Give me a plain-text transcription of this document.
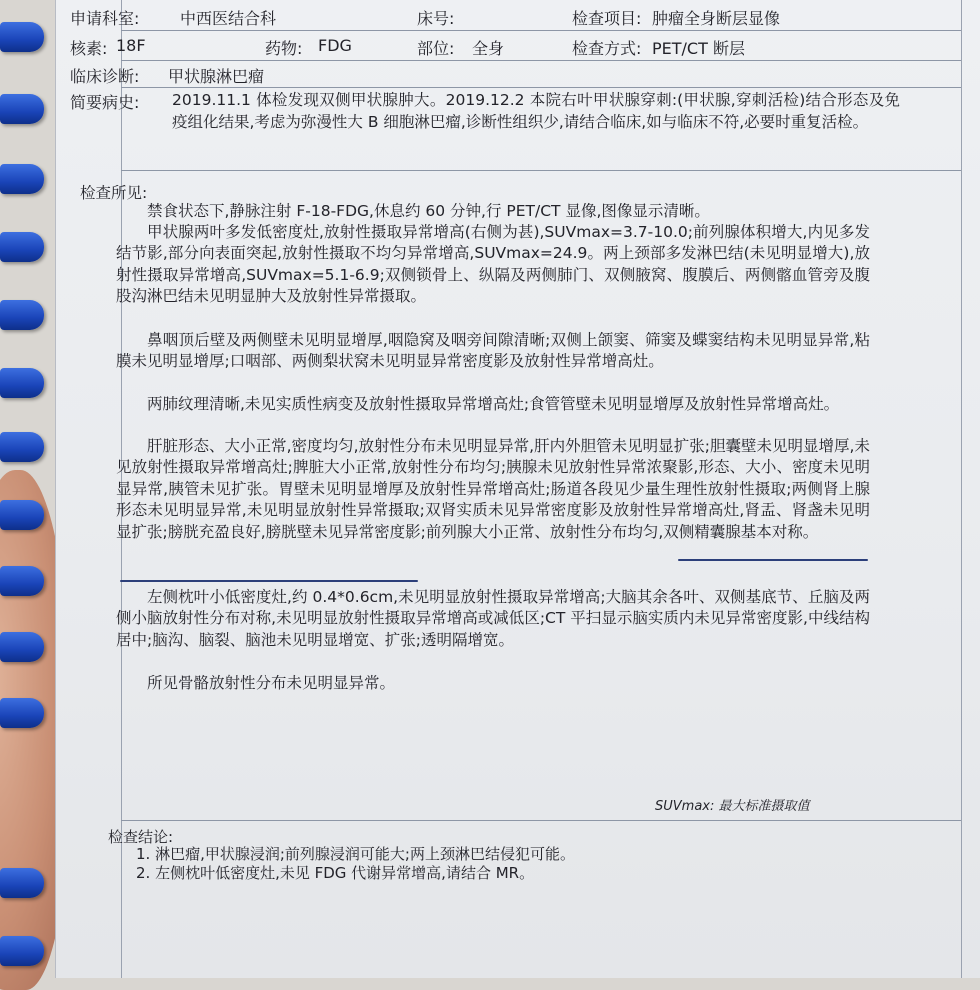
申请科室:	中西医结合科	床号:	检查项目: 肿瘤全身断层显像
核素: 18F	药物: FDG	部位: 全身	检查方式: PET/CT 断层
临床诊断: 甲状腺淋巴瘤
简要病史: 2019.11.1 体检发现双侧甲状腺肿大。2019.12.2 本院右叶甲状腺穿刺:(甲状腺,穿刺活检)结合形态及免疫组化结果,考虑为弥漫性大 B 细胞淋巴瘤,诊断性组织少,请结合临床,如与临床不符,必要时重复活检。
检查所见:
禁食状态下,静脉注射 F-18-FDG,休息约 60 分钟,行 PET/CT 显像,图像显示清晰。
甲状腺两叶多发低密度灶,放射性摄取异常增高(右侧为甚),SUVmax=3.7-10.0;前列腺体积增大,内见多发结节影,部分向表面突起,放射性摄取不均匀异常增高,SUVmax=24.9。两上颈部多发淋巴结(未见明显增大),放射性摄取异常增高,SUVmax=5.1-6.9;双侧锁骨上、纵隔及两侧肺门、双侧腋窝、腹膜后、两侧髂血管旁及腹股沟淋巴结未见明显肿大及放射性异常摄取。
鼻咽顶后壁及两侧壁未见明显增厚,咽隐窝及咽旁间隙清晰;双侧上颌窦、筛窦及蝶窦结构未见明显异常,粘膜未见明显增厚;口咽部、两侧梨状窝未见明显异常密度影及放射性异常增高灶。
两肺纹理清晰,未见实质性病变及放射性摄取异常增高灶;食管管壁未见明显增厚及放射性异常增高灶。
肝脏形态、大小正常,密度均匀,放射性分布未见明显异常,肝内外胆管未见明显扩张;胆囊壁未见明显增厚,未见放射性摄取异常增高灶;脾脏大小正常,放射性分布均匀;胰腺未见放射性异常浓聚影,形态、大小、密度未见明显异常,胰管未见扩张。胃壁未见明显增厚及放射性异常增高灶;肠道各段见少量生理性放射性摄取;两侧肾上腺形态未见明显异常,未见明显放射性异常摄取;双肾实质未见异常密度影及放射性异常增高灶,肾盂、肾盏未见明显扩张;膀胱充盈良好,膀胱壁未见异常密度影;前列腺大小正常、放射性分布均匀,双侧精囊腺基本对称。
左侧枕叶小低密度灶,约 0.4*0.6cm,未见明显放射性摄取异常增高;大脑其余各叶、双侧基底节、丘脑及两侧小脑放射性分布对称,未见明显放射性摄取异常增高或减低区;CT 平扫显示脑实质内未见异常密度影,中线结构居中;脑沟、脑裂、脑池未见明显增宽、扩张;透明隔增宽。
所见骨骼放射性分布未见明显异常。
SUVmax: 最大标准摄取值
检查结论:
1. 淋巴瘤,甲状腺浸润;前列腺浸润可能大;两上颈淋巴结侵犯可能。
2. 左侧枕叶低密度灶,未见 FDG 代谢异常增高,请结合 MR。
